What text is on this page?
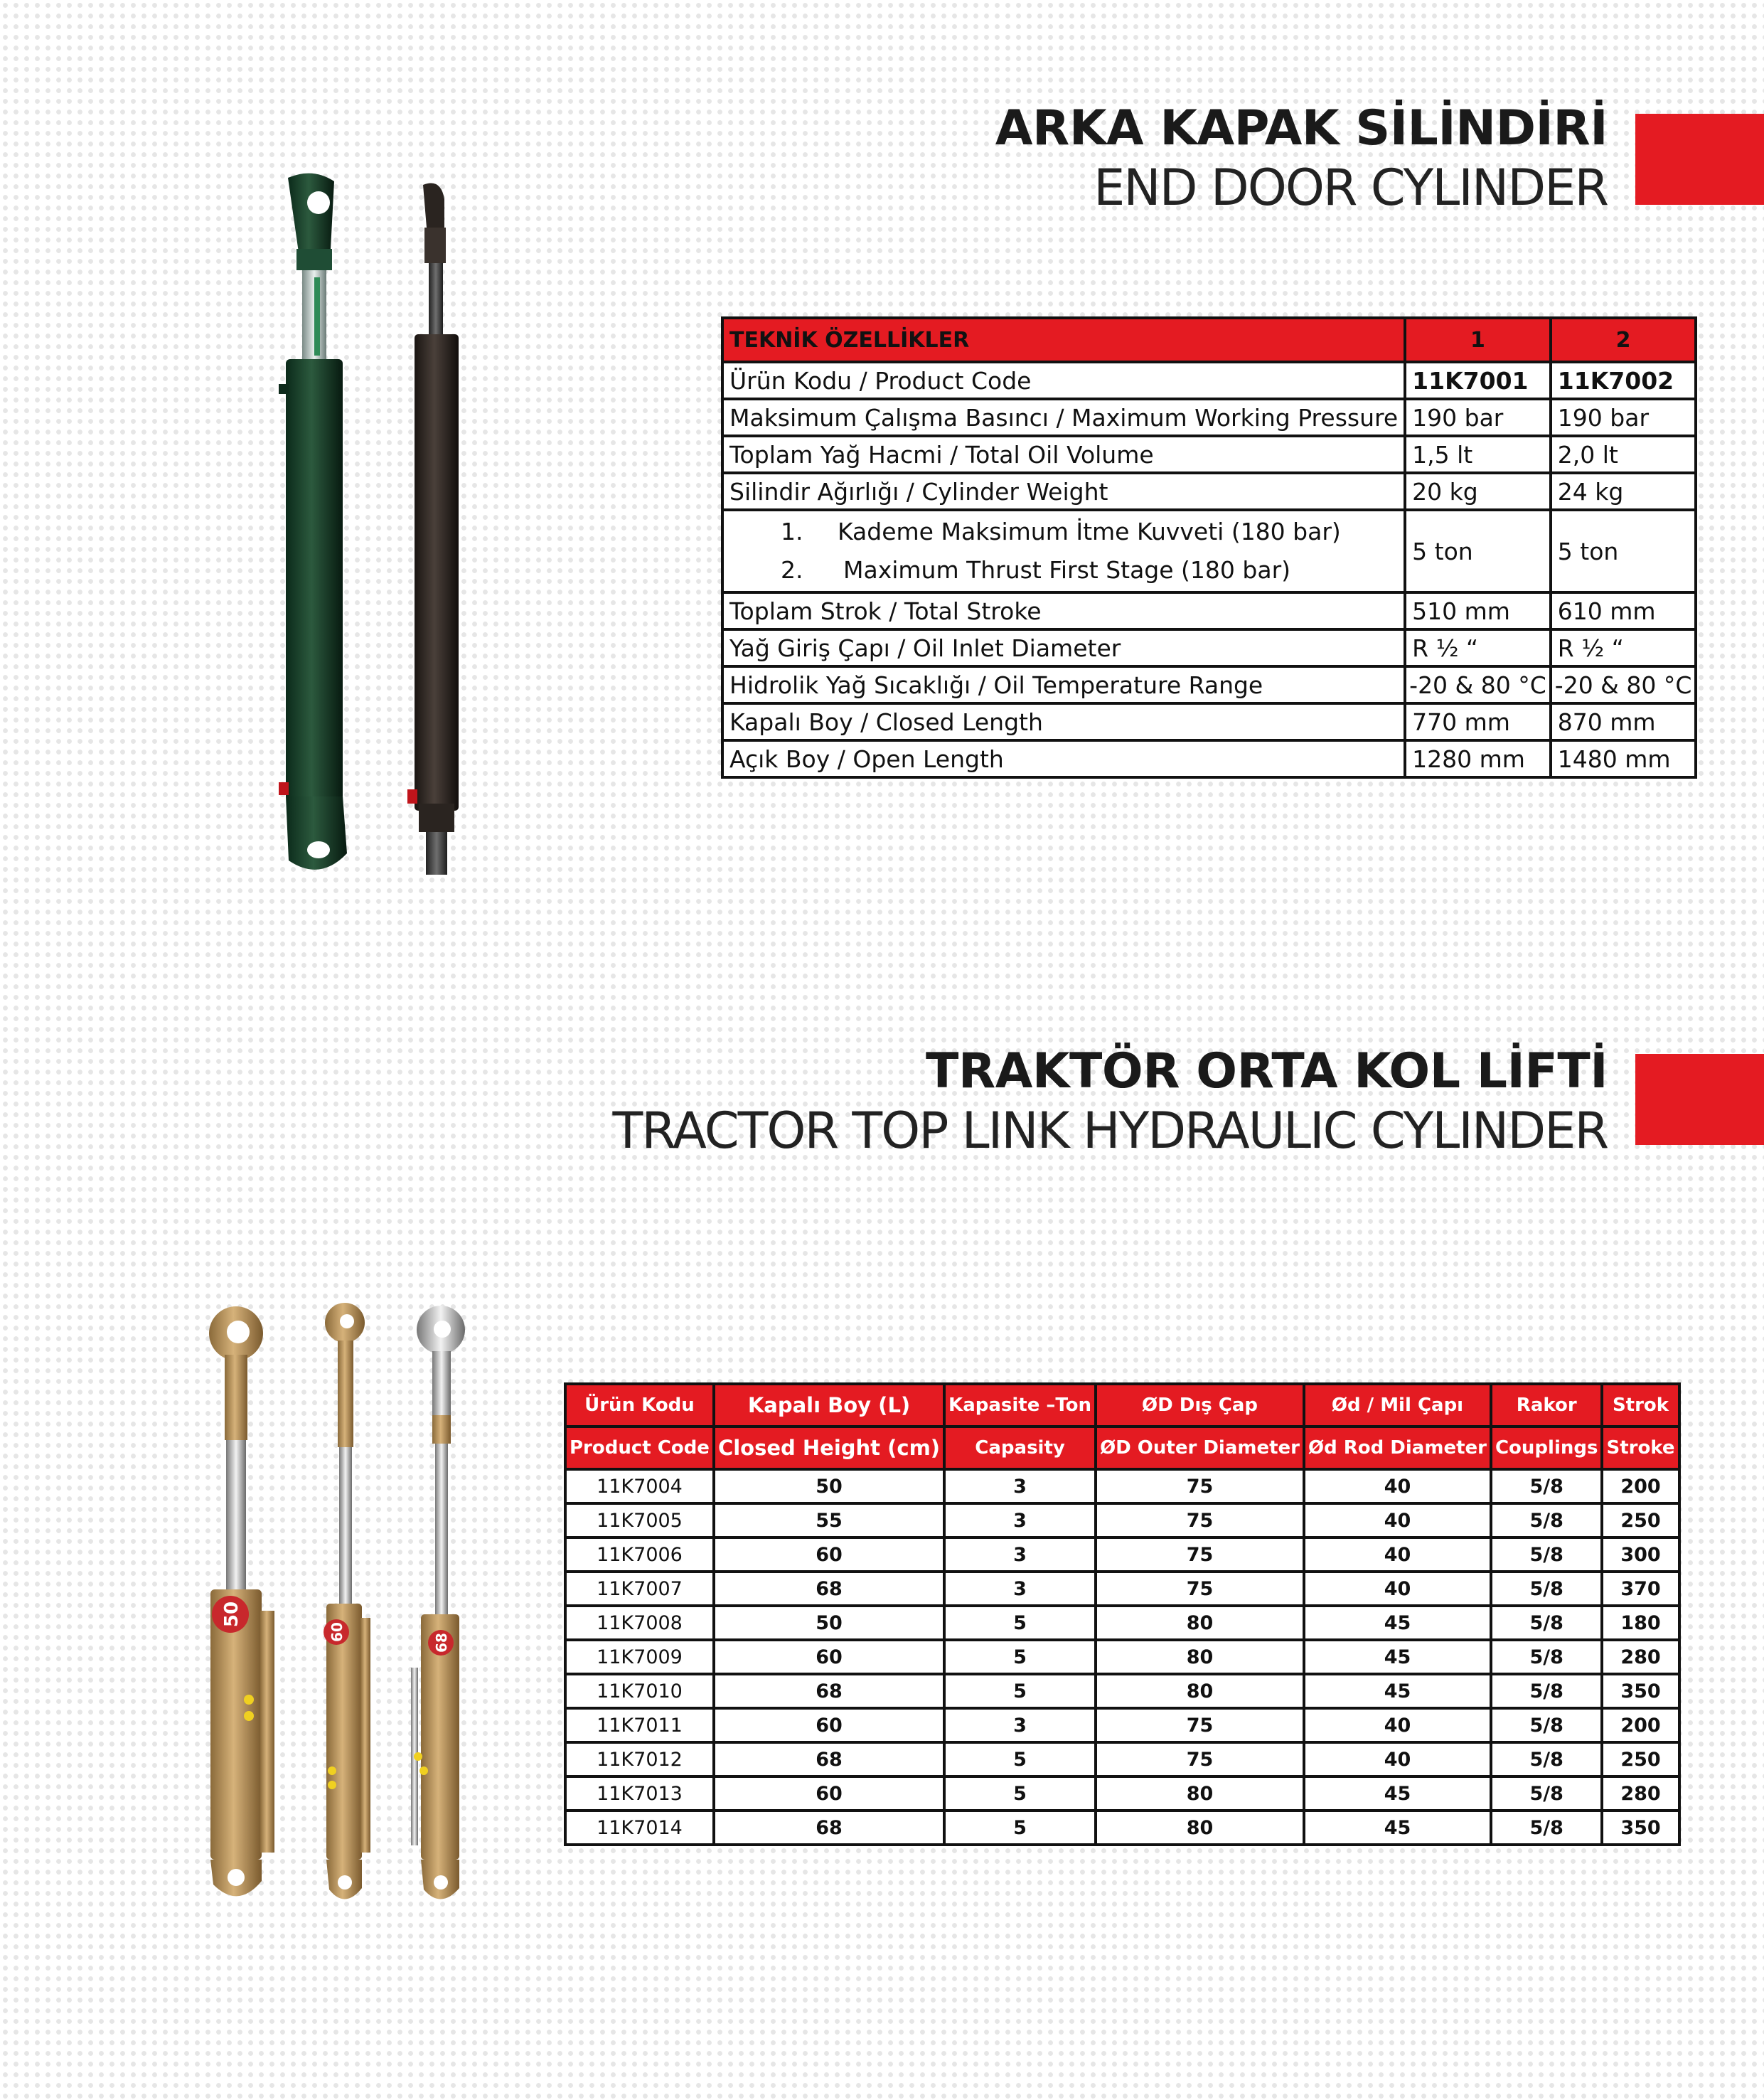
ARKA KAPAK SİLİNDİRİ
END DOOR CYLINDER
TEKNİK ÖZELLİKLER	1	2
Ürün Kodu / Product Code	11K7001	11K7002
Maksimum Çalışma Basıncı / Maximum Working Pressure	190 bar	190 bar
Toplam Yağ Hacmi / Total Oil Volume	1,5 lt	2,0 lt
Silindir Ağırlığı / Cylinder Weight	20 kg	24 kg

1. Kademe Maksimum İtme Kuvveti (180 bar)
2. Maximum Thrust First Stage (180 bar)	5 ton	5 ton
Toplam Strok / Total Stroke	510 mm	610 mm
Yağ Giriş Çapı / Oil Inlet Diameter	R ½ “	R ½ “
Hidrolik Yağ Sıcaklığı / Oil Temperature Range	-20 & 80 °C	-20 & 80 °C
Kapalı Boy / Closed Length	770 mm	870 mm
Açık Boy / Open Length	1280 mm	1480 mm
TRAKTÖR ORTA KOL LİFTİ
TRACTOR TOP LINK HYDRAULIC CYLINDER
50
60
68
Ürün Kodu	Kapalı Boy (L)	Kapasite –Ton	ØD Dış Çap	Ød / Mil Çapı	Rakor	Strok
Product Code	Closed Height (cm)	Capasity	ØD Outer Diameter	Ød Rod Diameter	Couplings	Stroke
11K7004	50	3	75	40	5/8	200
11K7005	55	3	75	40	5/8	250
11K7006	60	3	75	40	5/8	300
11K7007	68	3	75	40	5/8	370
11K7008	50	5	80	45	5/8	180
11K7009	60	5	80	45	5/8	280
11K7010	68	5	80	45	5/8	350
11K7011	60	3	75	40	5/8	200
11K7012	68	5	75	40	5/8	250
11K7013	60	5	80	45	5/8	280
11K7014	68	5	80	45	5/8	350
